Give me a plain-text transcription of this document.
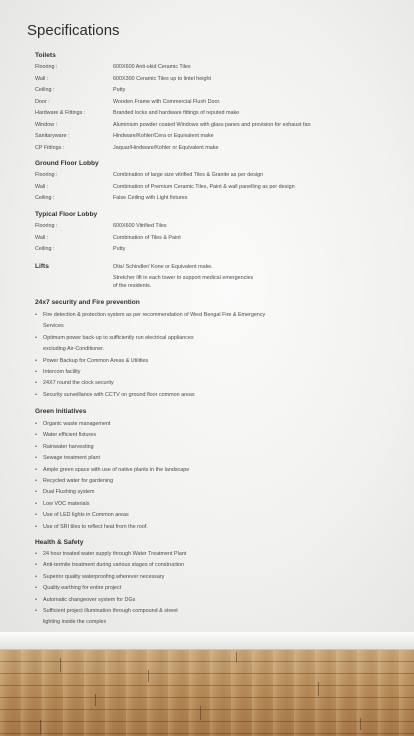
Specifications
Toilets
Flooring :	600X600 Anti-skid Ceramic Tiles
Wall :	600X300 Ceramic Tiles up to lintel height
Ceiling :	Putty
Door :	Wooden Frame with Commercial Flush Door.
Hardware & Fittings :	Branded locks and hardware fittings of reputed make
Window :	Aluminium powder coated Windows with glass panes and provision for exhaust fan
Sanitaryware :	Hindware/Kohler/Cera or Equivalent make
CP Fittings :	Jaquar/Hindware/Kohler or Equivalent make
Ground Floor Lobby
Flooring :	Combination of large size vitrified Tiles & Granite as per design
Wall :	Combination of Premium Ceramic Tiles, Paint & wall panelling as per design
Ceiling :	False Ceiling with Light fixtures
Typical Floor Lobby
Flooring :	600X600 Vitrified Tiles
Wall :	Combination of Tiles & Paint
Ceiling :	Putty
Lifts	Otis/ Schindler/ Kone or Equivalent make.
Stretcher lift in each tower to support medical emergencies
of the residents.
24x7 security and Fire prevention
• Fire detection & protection system as per recommendation of West Bengal Fire & Emergency
Services
• Optimum power back-up to sufficiently run electrical appliances
excluding Air-Conditioner.
• Power Backup for Common Areas & Utilities
• Intercom facility
• 24X7 round the clock security
• Security surveillance with CCTV on ground floor common areas
Green Initiatives
• Organic waste management
• Water efficient fixtures
• Rainwater harvesting
• Sewage treatment plant
• Ample green space with use of native plants in the landscape
• Recycled water for gardening
• Dual Flushing system
• Low VOC materials
• Use of LED lights in Common areas
• Use of SRI tiles to reflect heat from the roof.
Health & Safety
• 24 hour treated water supply through Water Treatment Plant
• Anti-termite treatment during various stages of construction
• Superior quality waterproofing wherever necessary
• Quality earthing for entire project
• Automatic changeover system for DGs
• Sufficient project illumination through compound & street
lighting inside the complex
